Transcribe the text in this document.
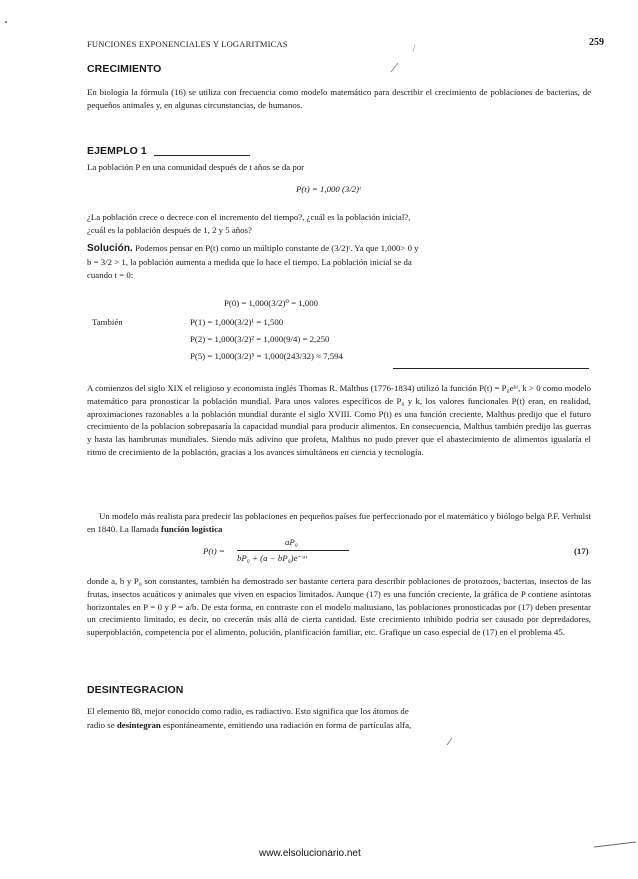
FUNCIONES EXPONENCIALES Y LOGARITMICAS	259
CRECIMIENTO
En biología la fórmula (16) se utiliza con frecuencia como modelo matemático para describir el crecimiento de poblaciones de bacterias, de pequeños animales y, en algunas circunstancias, de humanos.
EJEMPLO 1
La población P en una comunidad después de t años se da por
P(t) = 1,000 (3/2)ᵗ
¿La población crece o decrece con el incremento del tiempo?, ¿cuál es la población inicial?,
¿cuál es la población después de 1, 2 y 5 años?
Solución. Podemos pensar en P(t) como un múltiplo constante de (3/2)ᵗ. Ya que 1,000> 0 y
b = 3/2 > 1, la población aumenta a medida que lo hace el tiempo. La población inicial se da
cuando t = 0:
P(0) = 1,000(3/2)⁰ = 1,000
También	P(1) = 1,000(3/2)¹ = 1,500
P(2) = 1,000(3/2)² = 1,000(9/4) = 2,250
P(5) = 1,000(3/2)⁵ = 1,000(243/32) ≈ 7,594
A comienzos del siglo XIX el religioso y economista inglés Thomas R. Malthus (1776-1834) utilizó la función P(t) = P₀eᵏᵗ, k > 0 como modelo matemático para pronosticar la población mundial. Para unos valores específicos de P₀ y k, los valores funcionales P(t) eran, en realidad, aproximaciones razonables a la población mundial durante el siglo XVIII. Como P(t) es una función creciente, Malthus predijo que el futuro crecimiento de la poblacion sobrepasaría la capacidad mundial para producir alimentos. En consecuencia, Malthus también predijo las guerras y hasta las hambrunas mundiales. Siendo más adivino que profeta, Malthus no pudo prever que el abastecimiento de alimentos igualaría el ritmo de crecimiento de la población, gracias a los avances simultáneos en ciencia y tecnología.
Un modelo más realista para predecir las poblaciones en pequeños países fue perfeccionado por el matemático y biólogo belga P.F. Verhulst en 1840. La llamada función logística
P(t) =
aP₀
bP₀ + (a − bP₀)e⁻ᵃᵗ
(17)
donde a, b y P₀ son constantes, también ha demostrado ser bastante certera para describir poblaciones de protozoos, bacterias, insectos de las frutas, insectos acuáticos y animales que viven en espacios limitados. Aunque (17) es una función creciente, la gráfica de P contiene asíntotas horizontales en P = 0 y P = a/b. De esta forma, en contraste con el modelo maltusiano, las poblaciones pronosticadas por (17) deben presentar un crecimiento limitado, es decir, no crecerán más allá de cierta cantidad. Este crecimiento inhibido podría ser causado por depredadores, superpoblación, competencia por el alimento, polución, planificación familiar, etc. Grafique un caso especial de (17) en el problema 45.
DESINTEGRACION
El elemento 88, mejor conocido como radio, es radiactivo. Esto significa que los átomos de
radio se desintegran espontáneamente, emitiendo una radiación en forma de partículas alfa,
www.elsolucionario.net
